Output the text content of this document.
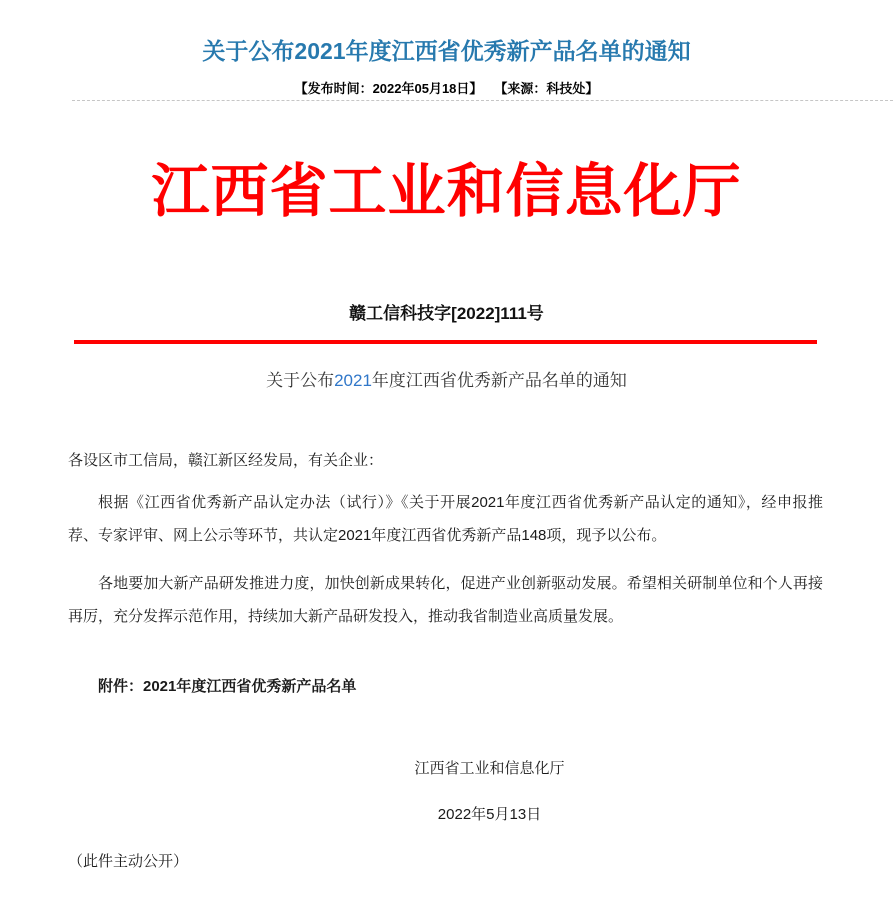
关于公布2021年度江西省优秀新产品名单的通知
【发布时间：2022年05月18日】 【来源：科技处】
江西省工业和信息化厅
赣工信科技字[2022]111号
关于公布2021年度江西省优秀新产品名单的通知
各设区市工信局，赣江新区经发局，有关企业：

根据《江西省优秀新产品认定办法（试行）》《关于开展2021年度江西省优秀新产品认定的通知》，经申报推荐、专家评审、网上公示等环节，共认定2021年度江西省优秀新产品148项，现予以公布。

各地要加大新产品研发推进力度，加快创新成果转化，促进产业创新驱动发展。希望相关研制单位和个人再接再厉，充分发挥示范作用，持续加大新产品研发投入，推动我省制造业高质量发展。

附件：2021年度江西省优秀新产品名单
江西省工业和信息化厅
2022年5月13日
（此件主动公开）
